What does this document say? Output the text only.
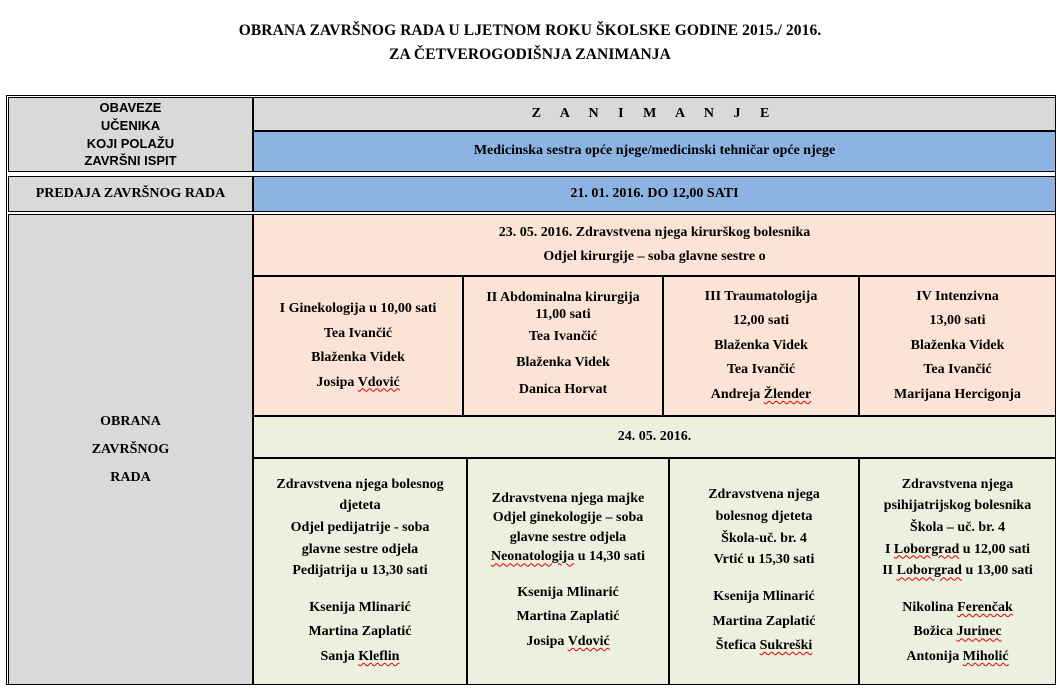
OBRANA ZAVRŠNOG RADA U LJETNOM ROKU ŠKOLSKE GODINE 2015./ 2016.
ZA ČETVEROGODIŠNJA ZANIMANJA
OBAVEZE
UČENIKA
KOJI POLAŽU
ZAVRŠNI ISPIT
Z A N I M A N J E
Medicinska sestra opće njege/medicinski tehničar opće njege
PREDAJA ZAVRŠNOG RADA	21. 01. 2016. DO 12,00 SATI
OBRANA
ZAVRŠNOG
RADA
23. 05. 2016. Zdravstvena njega kirurškog bolesnika
Odjel kirurgije – soba glavne sestre o
I Ginekologija u 10,00 sati
Tea Ivančić
Blaženka Videk
Josipa Vdović
II Abdominalna kirurgija
11,00 sati
Tea Ivančić
Blaženka Videk
Danica Horvat
III Traumatologija
12,00 sati
Blaženka Videk
Tea Ivančić
Andreja Žlender
IV Intenzivna
13,00 sati
Blaženka Videk
Tea Ivančić
Marijana Hercigonja
24. 05. 2016.
Zdravstvena njega bolesnog
djeteta
Odjel pedijatrije - soba
glavne sestre odjela
Pedijatrija u 13,30 sati
Ksenija Mlinarić
Martina Zaplatić
Sanja Kleflin
Zdravstvena njega majke
Odjel ginekologije – soba
glavne sestre odjela
Neonatologija u 14,30 sati
Ksenija Mlinarić
Martina Zaplatić
Josipa Vdović
Zdravstvena njega
bolesnog djeteta
Škola-uč. br. 4
Vrtić u 15,30 sati
Ksenija Mlinarić
Martina Zaplatić
Štefica Sukreški
Zdravstvena njega
psihijatrijskog bolesnika
Škola – uč. br. 4
I Loborgrad u 12,00 sati
II Loborgrad u 13,00 sati
Nikolina Ferenčak
Božica Jurinec
Antonija Miholić
